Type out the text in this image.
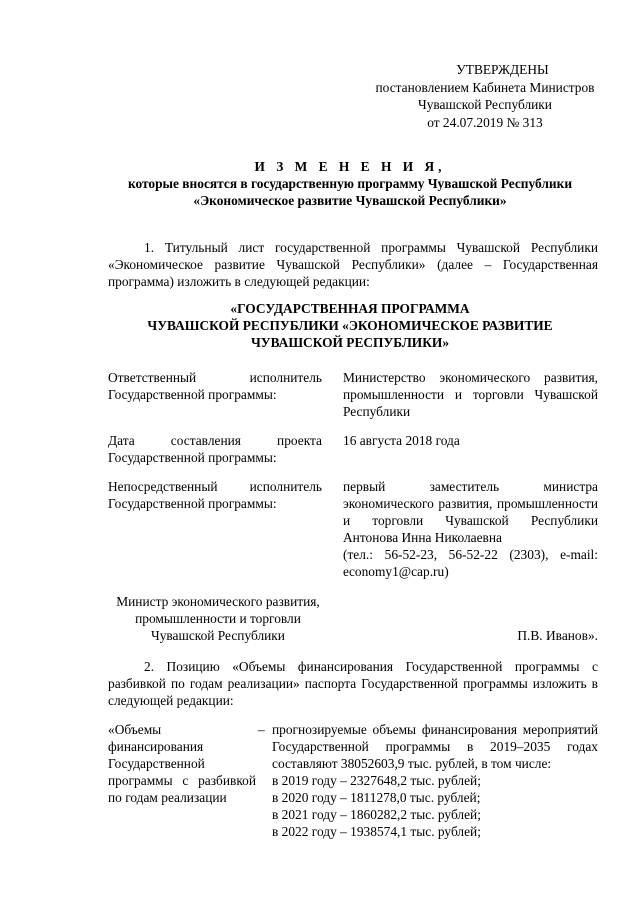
УТВЕРЖДЕНЫ
постановлением Кабинета Министров
Чувашской Республики
от 24.07.2019 № 313
И З М Е Н Е Н И Я,
которые вносятся в государственную программу Чувашской Республики
«Экономическое развитие Чувашской Республики»
1. Титульный лист государственной программы Чувашской Республики «Экономическое развитие Чувашской Республики» (далее – Государственная программа) изложить в следующей редакции:
«ГОСУДАРСТВЕННАЯ ПРОГРАММА
ЧУВАШСКОЙ РЕСПУБЛИКИ «ЭКОНОМИЧЕСКОЕ РАЗВИТИЕ
ЧУВАШСКОЙ РЕСПУБЛИКИ»
Ответственный исполнитель Государственной программы:
Министерство экономического развития, промышленности и торговли Чувашской Республики
Дата составления проекта Государственной программы:
16 августа 2018 года
Непосредственный исполнитель Государственной программы:
первый заместитель министра экономического развития, промышленности и торговли Чувашской Республики Антонова Инна Николаевна
(тел.: 56-52-23, 56-52-22 (2303), e-mail: economy1@cap.ru)
Министр экономического развития,
промышленности и торговли
Чувашской Республики	П.В. Иванов».
2. Позицию «Объемы финансирования Государственной программы с разбивкой по годам реализации» паспорта Государственной программы изложить в следующей редакции:
«Объемы финансирования Государственной программы с разбивкой по годам реализации
– прогнозируемые объемы финансирования мероприятий Государственной программы в 2019–2035 годах составляют 38052603,9 тыс. рублей, в том числе:
в 2019 году – 2327648,2 тыс. рублей;
в 2020 году – 1811278,0 тыс. рублей;
в 2021 году – 1860282,2 тыс. рублей;
в 2022 году – 1938574,1 тыс. рублей;
